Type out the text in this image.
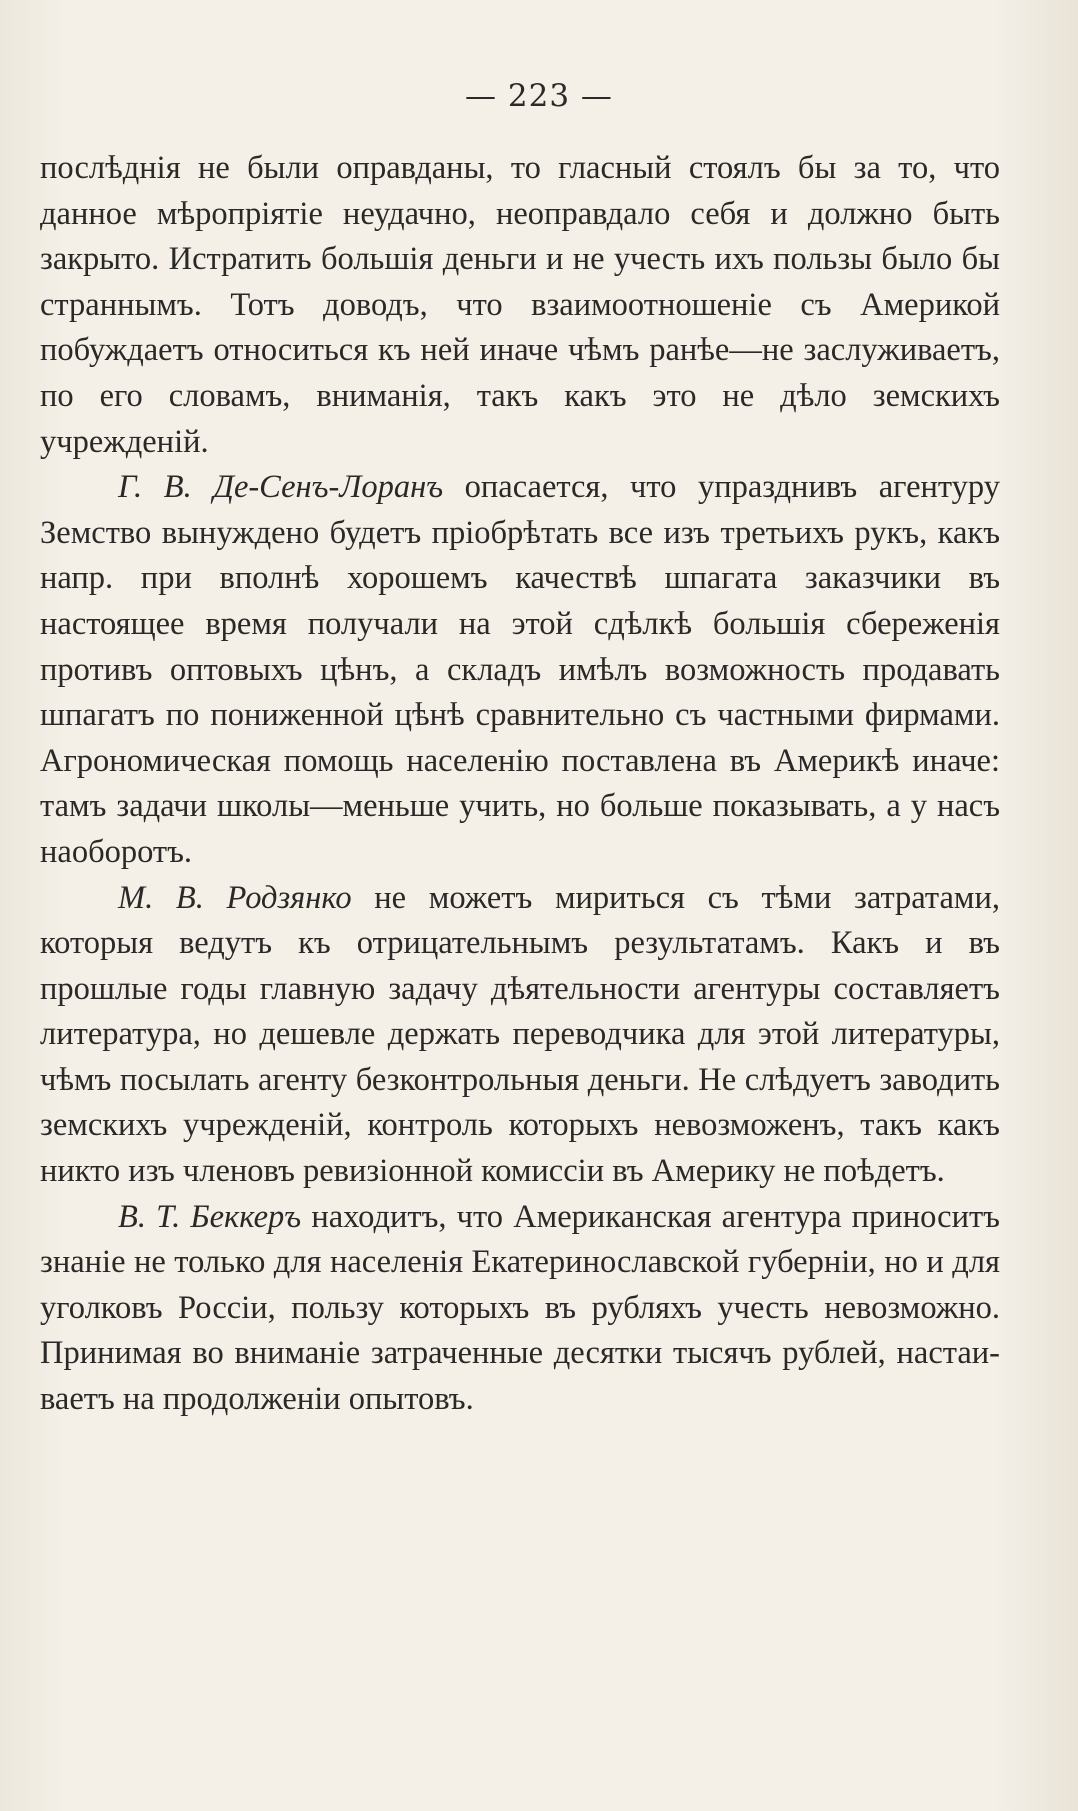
— 223 —

послѣднія не были оправданы, то гласный стоялъ бы за то, что данное мѣропріятіе неудачно, неоправдало себя и должно быть закрыто. Истратить большія деньги и не учесть ихъ пользы было бы страннымъ. Тотъ доводъ, что взаимоотношеніе съ Америкой побуждаетъ относиться къ ней иначе чѣмъ ранѣе—не заслуживаетъ, по его словамъ, вниманія, такъ какъ это не дѣло земскихъ учрежденій.

Г. В. Де-Сенъ-Лоранъ опасается, что упразднивъ агентуру Земство вынуждено будетъ пріобрѣтать все изъ третьихъ рукъ, какъ напр. при вполнѣ хорошемъ качествѣ шпагата заказчики въ настоящее время получали на этой сдѣлкѣ большія сбереженія противъ оптовыхъ цѣнъ, а складъ имѣлъ возможность продавать шпагатъ по пониженной цѣнѣ сравнительно съ частными фирмами. Агрономическая помощь населенію поставлена въ Америкѣ иначе: тамъ задачи школы—меньше учить, но больше показывать, а у насъ наоборотъ.

М. В. Родзянко не можетъ мириться съ тѣми затратами, которыя ведутъ къ отрицательнымъ результатамъ. Какъ и въ прошлые годы главную задачу дѣятельности агентуры составляетъ литература, но дешевле держать переводчика для этой литературы, чѣмъ посылать агенту безконтрольныя деньги. Не слѣдуетъ заводить земскихъ учрежденій, контроль которыхъ невозможенъ, такъ какъ никто изъ членовъ ревизіонной комиссіи въ Америку не поѣдетъ.

В. Т. Беккеръ находитъ, что Американская агентура приноситъ знаніе не только для населенія Екатеринославской губерніи, но и для уголковъ Россіи, пользу которыхъ въ рубляхъ учесть невозможно. Принимая во вниманіе затраченные десятки тысячъ рублей, настаиваетъ на продолженіи опытовъ.
